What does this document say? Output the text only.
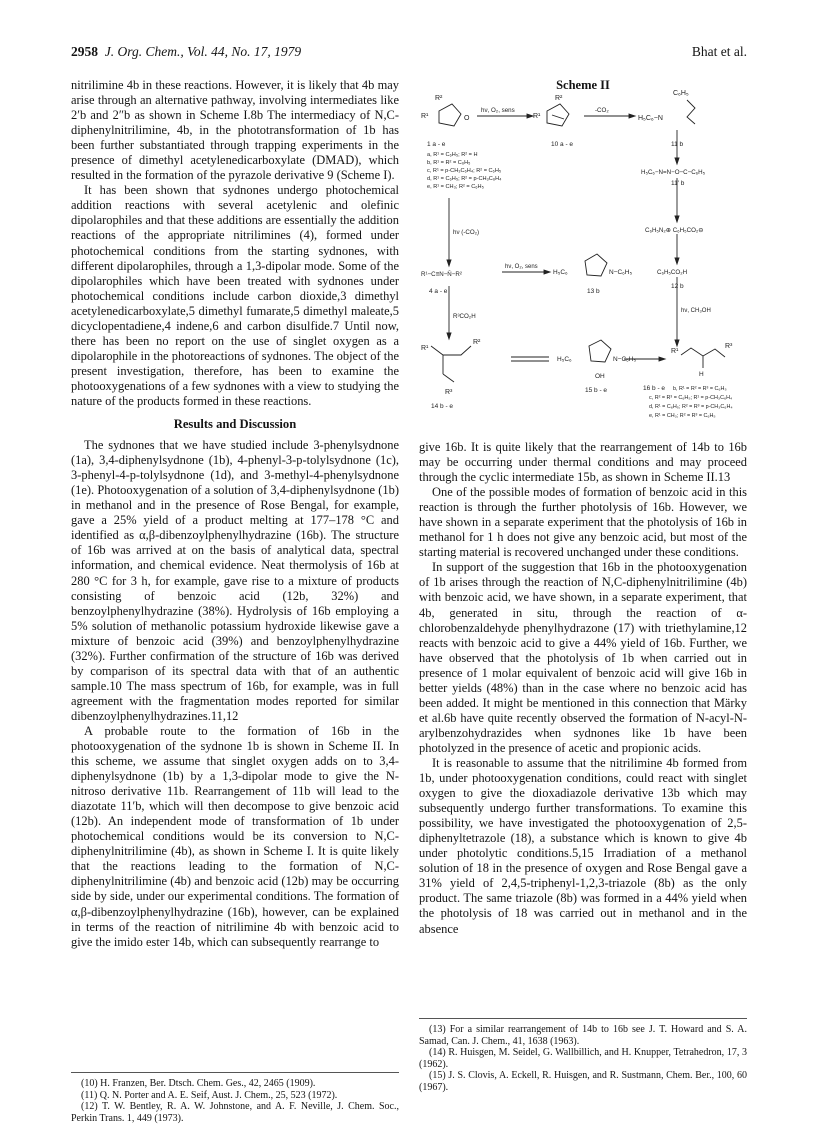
2958 J. Org. Chem., Vol. 44, No. 17, 1979	Bhat et al.

nitrilimine 4b in these reactions. However, it is likely that 4b may arise through an alternative pathway, involving intermediates like 2′b and 2″b as shown in Scheme I.8b The intermediacy of N,C-diphenylnitrilimine, 4b, in the phototransformation of 1b has been further substantiated through trapping experiments in the presence of dimethyl acetylenedicarboxylate (DMAD), which resulted in the formation of the pyrazole derivative 9 (Scheme I).

It has been shown that sydnones undergo photochemical addition reactions with several acetylenic and olefinic dipolarophiles and that these additions are essentially the addition reactions of the appropriate nitrilimines (4), formed under photochemical conditions from the starting sydnones, with different dipolarophiles, through a 1,3-dipolar mode. Some of the dipolarophiles which have been treated with sydnones under photochemical conditions include carbon dioxide,3 dimethyl acetylenedicarboxylate,5 dimethyl fumarate,5 dimethyl maleate,5 dicyclopentadiene,4 indene,6 and carbon disulfide.7 Until now, there has been no report on the use of singlet oxygen as a dipolarophile in the photoreactions of sydnones. The object of the present investigation, therefore, has been to examine the photooxygenations of a few sydnones with a view to studying the nature of the products formed in these reactions.

Results and Discussion

The sydnones that we have studied include 3-phenylsydnone (1a), 3,4-diphenylsydnone (1b), 4-phenyl-3-p-tolylsydnone (1c), 3-phenyl-4-p-tolylsydnone (1d), and 3-methyl-4-phenylsydnone (1e). Photooxygenation of a solution of 3,4-diphenylsydnone (1b) in methanol and in the presence of Rose Bengal, for example, gave a 25% yield of a product melting at 177–178 °C and identified as α,β-dibenzoylphenylhydrazine (16b). The structure of 16b was arrived at on the basis of analytical data, spectral information, and chemical evidence. Neat thermolysis of 16b at 280 °C for 3 h, for example, gave rise to a mixture of products consisting of benzoic acid (12b, 32%) and benzoylphenylhydrazine (38%). Hydrolysis of 16b employing a 5% solution of methanolic potassium hydroxide likewise gave a mixture of benzoic acid (39%) and benzoylphenylhydrazine (32%). Further confirmation of the structure of 16b was derived by comparison of its spectral data with that of an authentic sample.10 The mass spectrum of 16b, for example, was in full agreement with the fragmentation modes reported for similar dibenzoylphenylhydrazines.11,12

A probable route to the formation of 16b in the photooxygenation of the sydnone 1b is shown in Scheme II. In this scheme, we assume that singlet oxygen adds on to 3,4-diphenylsydnone (1b) by a 1,3-dipolar mode to give the N-nitroso derivative 11b. Rearrangement of 11b will lead to the diazotate 11′b, which will then decompose to give benzoic acid (12b). An independent mode of transformation of 1b under photochemical conditions would be its conversion to N,C-diphenylnitrilimine (4b), as shown in Scheme I. It is quite likely that the reactions leading to the formation of N,C-diphenylnitrilimine (4b) and benzoic acid (12b) may be occurring side by side, under our experimental conditions. The formation of α,β-dibenzoylphenylhydrazine (16b), however, can be explained in terms of the reaction of nitrilimine 4b with benzoic acid to give the imido ester 14b, which can subsequently rearrange to

(10) H. Franzen, Ber. Dtsch. Chem. Ges., 42, 2465 (1909).

(11) Q. N. Porter and A. E. Seif, Aust. J. Chem., 25, 523 (1972).

(12) T. W. Bentley, R. A. W. Johnstone, and A. F. Neville, J. Chem. Soc., Perkin Trans. 1, 449 (1973).

Scheme II
R²
R¹	O
hν, O₂, sens
R²
R¹
-CO₂
C₆H₅
H₅C₆−N
1 a - e	10 a - e	11 b
a, R¹ = C₆H₅; R² = H
b, R¹ = R² = C₆H₅
c, R¹ = p-CH₃C₆H₄; R² = C₆H₅
d, R¹ = C₆H₅; R² = p-CH₃C₆H₄
e, R¹ = CH₃; R² = C₆H₅
H₅C₆−N=N−O−C−C₆H₅
11′ b
hν (-CO₂)	C₆H₅N₂⊕ C₆H₅CO₂⊖
R¹−C≡N−N̄−R²
hν, O₂, sens
H₅C₆	N−C₆H₅	C₆H₅CO₂H
4 a - e	13 b
12 b
hν, CH₃OH
R³CO₂H
R¹
R²
R³
H₅C₆	N−C₆H₅
OH
R¹
R³
H
14 b - e
15 b - e	16 b - e b, R¹ = R² = R³ = C₆H₅
c, R² = R³ = C₆H₅; R¹ = p-CH₃C₆H₄
d, R¹ = C₆H₅; R² = R³ = p-CH₃C₆H₄
e, R¹ = CH₃; R² = R³ = C₆H₅

give 16b. It is quite likely that the rearrangement of 14b to 16b may be occurring under thermal conditions and may proceed through the cyclic intermediate 15b, as shown in Scheme II.13

One of the possible modes of formation of benzoic acid in this reaction is through the further photolysis of 16b. However, we have shown in a separate experiment that the photolysis of 16b in methanol for 1 h does not give any benzoic acid, but most of the starting material is recovered unchanged under these conditions.

In support of the suggestion that 16b in the photooxygenation of 1b arises through the reaction of N,C-diphenylnitrilimine (4b) with benzoic acid, we have shown, in a separate experiment, that 4b, generated in situ, through the reaction of α-chlorobenzaldehyde phenylhydrazone (17) with triethylamine,12 reacts with benzoic acid to give a 44% yield of 16b. Further, we have observed that the photolysis of 1b when carried out in presence of 1 molar equivalent of benzoic acid will give 16b in better yields (48%) than in the case where no benzoic acid has been added. It might be mentioned in this connection that Märky et al.6b have quite recently observed the formation of N-acyl-N-arylbenzohydrazides when sydnones like 1b have been photolyzed in the presence of acetic and propionic acids.

It is reasonable to assume that the nitrilimine 4b formed from 1b, under photooxygenation conditions, could react with singlet oxygen to give the dioxadiazole derivative 13b which may subsequently undergo further transformations. To examine this possibility, we have investigated the photooxygenation of 2,5-diphenyltetrazole (18), a substance which is known to give 4b under photolytic conditions.5,15 Irradiation of a methanol solution of 18 in the presence of oxygen and Rose Bengal gave a 31% yield of 2,4,5-triphenyl-1,2,3-triazole (8b) as the only product. The same triazole (8b) was formed in a 44% yield when the photolysis of 18 was carried out in methanol and in the absence

(13) For a similar rearrangement of 14b to 16b see J. T. Howard and S. A. Samad, Can. J. Chem., 41, 1638 (1963).

(14) R. Huisgen, M. Seidel, G. Wallbillich, and H. Knupper, Tetrahedron, 17, 3 (1962).

(15) J. S. Clovis, A. Eckell, R. Huisgen, and R. Sustmann, Chem. Ber., 100, 60 (1967).
